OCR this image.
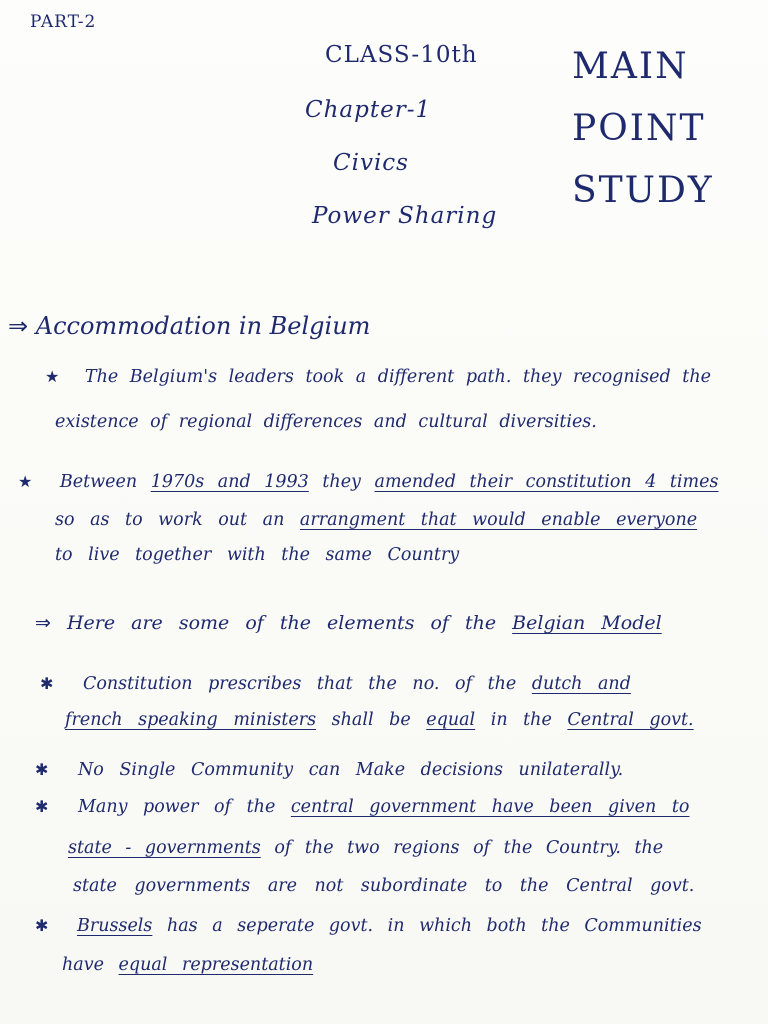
PART-2
CLASS-10th
Chapter-1
Civics
Power Sharing
MAIN
POINT
STUDY
⇒ Accommodation in Belgium
★ The Belgium's leaders took a different path. they recognised the
existence of regional differences and cultural diversities.
★ Between 1970s and 1993 they amended their constitution 4 times
so as to work out an arrangment that would enable everyone
to live together with the same Country
⇒ Here are some of the elements of the Belgian Model
✱ Constitution prescribes that the no. of the dutch and
french speaking ministers shall be equal in the Central govt.
✱ No Single Community can Make decisions unilaterally.
✱ Many power of the central government have been given to
state - governments of the two regions of the Country. the
state governments are not subordinate to the Central govt.
✱ Brussels has a seperate govt. in which both the Communities
have equal representation
